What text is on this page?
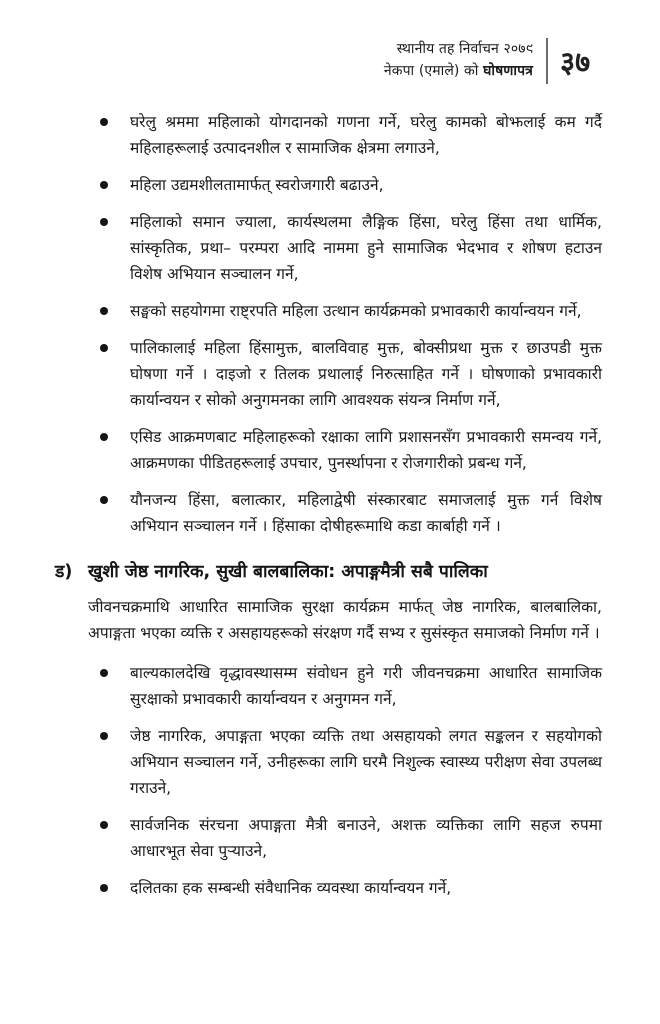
स्थानीय तह निर्वाचन २०७९
नेकपा (एमाले) को घोषणापत्र ३७
घरेलु श्रममा महिलाको योगदानको गणना गर्ने, घरेलु कामको बोझलाई कम गर्दै महिलाहरूलाई उत्पादनशील र सामाजिक क्षेत्रमा लगाउने,
महिला उद्यमशीलतामार्फत् स्वरोजगारी बढाउने,
महिलाको समान ज्याला, कार्यस्थलमा लैङ्गिक हिंसा, घरेलु हिंसा तथा धार्मिक, सांस्कृतिक, प्रथा– परम्परा आदि नाममा हुने सामाजिक भेदभाव र शोषण हटाउन विशेष अभियान सञ्चालन गर्ने,
सङ्घको सहयोगमा राष्ट्रपति महिला उत्थान कार्यक्रमको प्रभावकारी कार्यान्वयन गर्ने,
पालिकालाई महिला हिंसामुक्त, बालविवाह मुक्त, बोक्सीप्रथा मुक्त र छाउपडी मुक्त घोषणा गर्ने । दाइजो र तिलक प्रथालाई निरुत्साहित गर्ने । घोषणाको प्रभावकारी कार्यान्वयन र सोको अनुगमनका लागि आवश्यक संयन्त्र निर्माण गर्ने,
एसिड आक्रमणबाट महिलाहरूको रक्षाका लागि प्रशासनसँग प्रभावकारी समन्वय गर्ने, आक्रमणका पीडितहरूलाई उपचार, पुनर्स्थापना र रोजगारीको प्रबन्ध गर्ने,
यौनजन्य हिंसा, बलात्कार, महिलाद्वेषी संस्कारबाट समाजलाई मुक्त गर्न विशेष अभियान सञ्चालन गर्ने । हिंसाका दोषीहरूमाथि कडा कार्बाही गर्ने ।
ड) खुशी जेष्ठ नागरिक, सुखी बालबालिका: अपाङ्गमैत्री सबै पालिका

जीवनचक्रमाथि आधारित सामाजिक सुरक्षा कार्यक्रम मार्फत् जेष्ठ नागरिक, बालबालिका, अपाङ्गता भएका व्यक्ति र असहायहरूको संरक्षण गर्दै सभ्य र सुसंस्कृत समाजको निर्माण गर्ने ।

बाल्यकालदेखि वृद्धावस्थासम्म संवोधन हुने गरी जीवनचक्रमा आधारित सामाजिक सुरक्षाको प्रभावकारी कार्यान्वयन र अनुगमन गर्ने,
जेष्ठ नागरिक, अपाङ्गता भएका व्यक्ति तथा असहायको लगत सङ्कलन र सहयोगको अभियान सञ्चालन गर्ने, उनीहरूका लागि घरमै निशुल्क स्वास्थ्य परीक्षण सेवा उपलब्ध गराउने,
सार्वजनिक संरचना अपाङ्गता मैत्री बनाउने, अशक्त व्यक्तिका लागि सहज रुपमा आधारभूत सेवा पुऱ्याउने,
दलितका हक सम्बन्धी संवैधानिक व्यवस्था कार्यान्वयन गर्ने,
